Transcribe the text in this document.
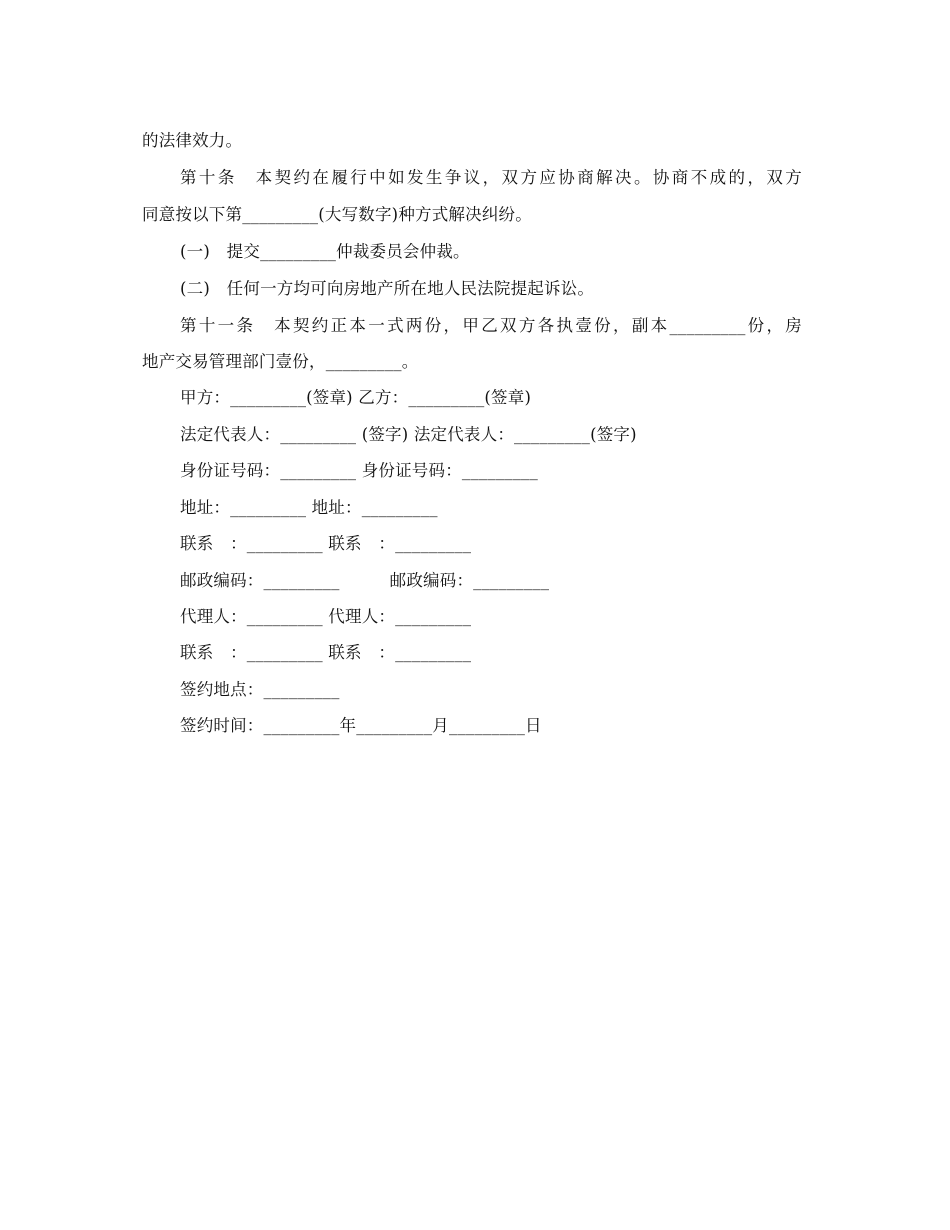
的法律效力。
第十条　本契约在履行中如发生争议，双方应协商解决。协商不成的，双方
同意按以下第_________(大写数字)种方式解决纠纷。
(一)　提交_________仲裁委员会仲裁。
(二)　任何一方均可向房地产所在地人民法院提起诉讼。
第十一条　本契约正本一式两份，甲乙双方各执壹份，副本_________份，房
地产交易管理部门壹份，_________。
甲方：_________(签章) 乙方：_________(签章)
法定代表人：_________ (签字) 法定代表人：_________(签字)
身份证号码：_________ 身份证号码：_________
地址：_________ 地址：_________
联系　：_________ 联系　：_________
邮政编码：_________　　　邮政编码：_________
代理人：_________ 代理人：_________
联系　：_________ 联系　：_________
签约地点：_________
签约时间：_________年_________月_________日
